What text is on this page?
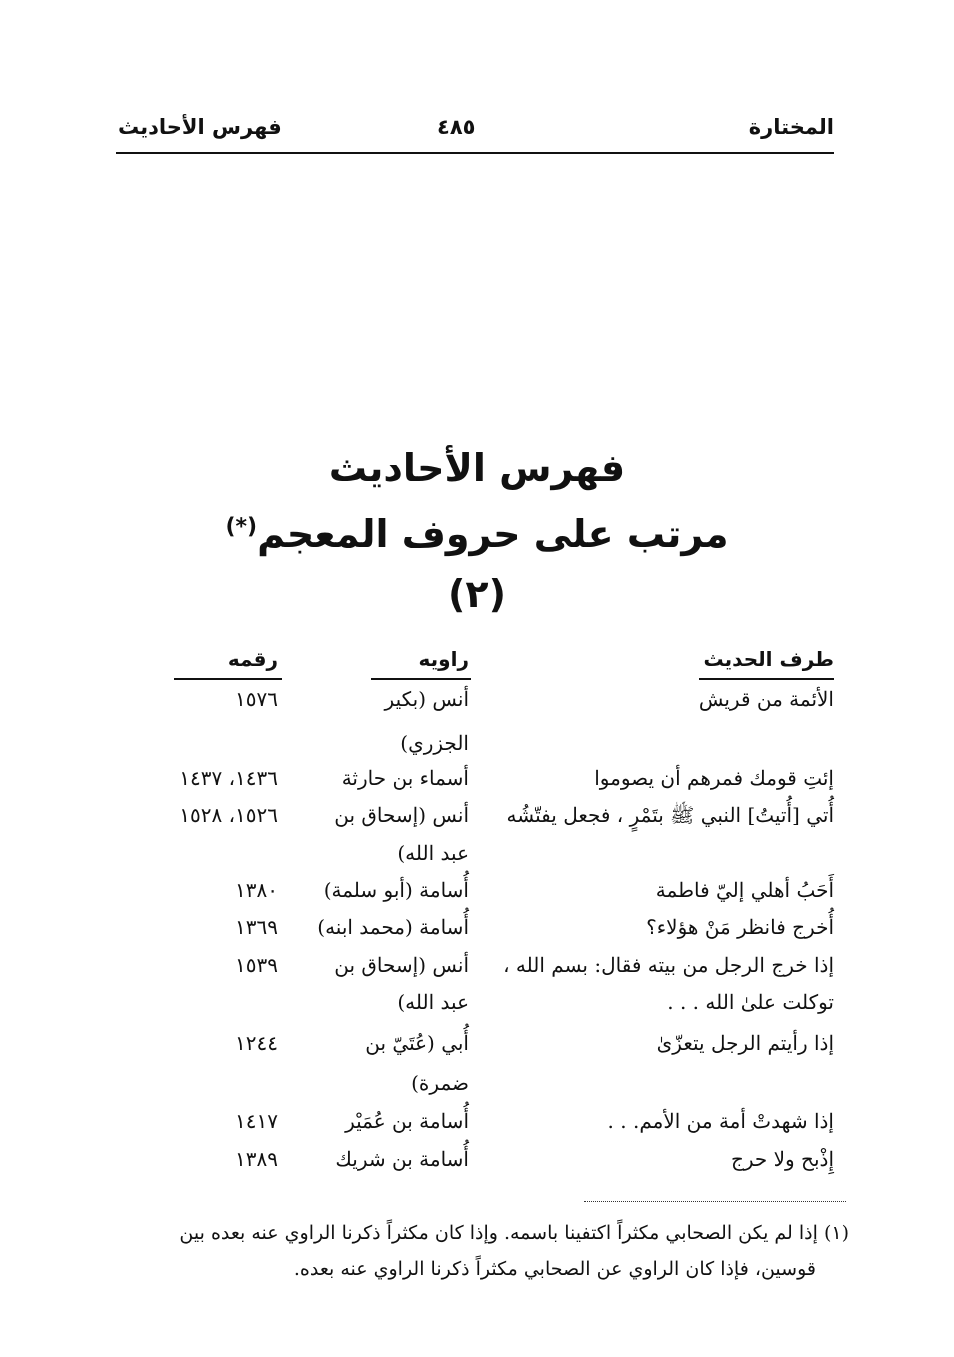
المختارة
٤٨٥
فهرس الأحاديث
فهرس الأحاديث
مرتب على حروف المعجم(*)
(٢)
طرف الحديث
راويه
رقمه
الأئمة من قريش
أنس (بكير
١٥٧٦
الجزري)
إئتِ قومك فمرهم أن يصوموا
أسماء بن حارثة
١٤٣٦، ١٤٣٧
أُتي [أُتيتُ] النبي ﷺ بتَمْرٍ ، فجعل يفتّشُه
أنس (إسحاق بن
١٥٢٦، ١٥٢٨
عبد الله)
أَحَبُ أهلي إليّ فاطمة
أُسامة (أبو سلمة)
١٣٨٠
أُخرج فانظر مَنْ هؤلاء؟
أُسامة (محمد ابنه)
١٣٦٩
إذا خرج الرجل من بيته فقال: بسم الله ،
أنس (إسحاق بن
١٥٣٩
توكلت علىٰ الله . . .
عبد الله)
إذا رأيتم الرجل يتعزّىٰ
أُبي (عُتَيّ بن
١٢٤٤
ضمرة)
إذا شهدتْ أمة من الأمم. . .
أُسامة بن عُمَيْر
١٤١٧
إِذْبح ولا حرج
أُسامة بن شريك
١٣٨٩
(١) إذا لم يكن الصحابي مكثراً اكتفينا باسمه. وإذا كان مكثراً ذكرنا الراوي عنه بعده بين
قوسين، فإذا كان الراوي عن الصحابي مكثراً ذكرنا الراوي عنه بعده.
